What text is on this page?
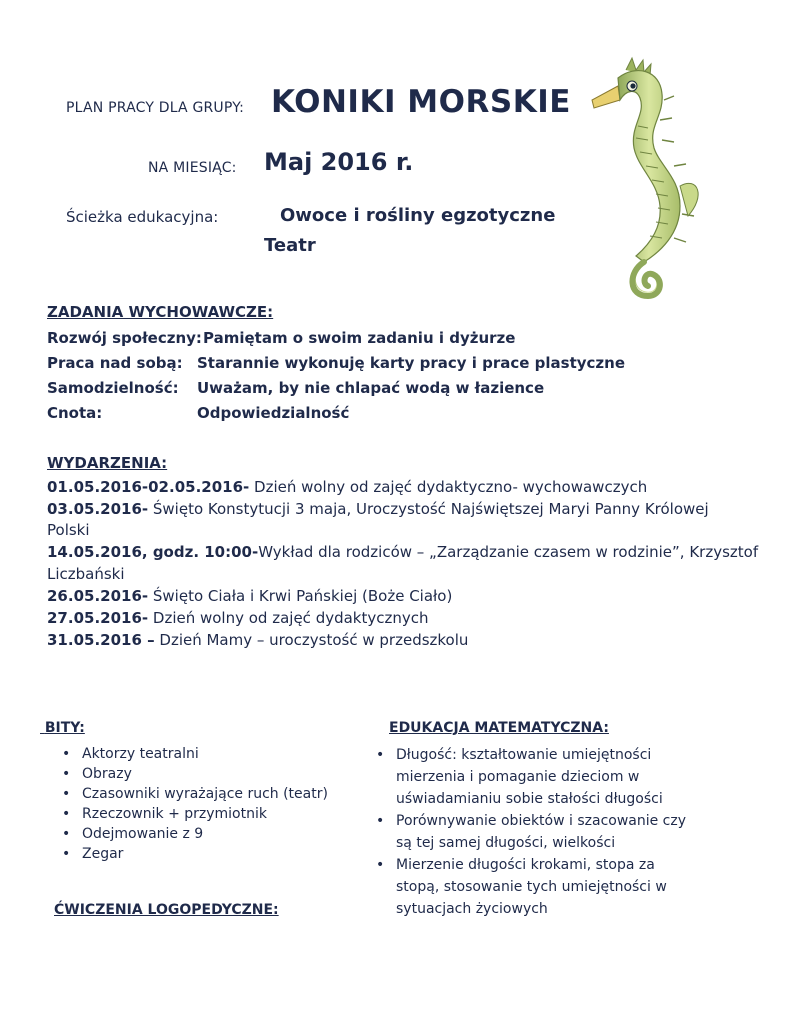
PLAN PRACY DLA GRUPY: KONIKI MORSKIE
NA MIESIĄC: Maj 2016 r.
Ścieżka edukacyjna:	Owoce i rośliny egzotyczne
Teatr
ZADANIA WYCHOWAWCZE:
Rozwój społeczny: Pamiętam o swoim zadaniu i dyżurze
Praca nad sobą: Starannie wykonuję karty pracy i prace plastyczne
Samodzielność: Uważam, by nie chlapać wodą w łazience
Cnota:	Odpowiedzialność
WYDARZENIA:
01.05.2016-02.05.2016- Dzień wolny od zajęć dydaktyczno- wychowawczych
03.05.2016- Święto Konstytucji 3 maja, Uroczystość Najświętszej Maryi Panny Królowej
Polski
14.05.2016, godz. 10:00-Wykład dla rodziców – „Zarządzanie czasem w rodzinie”, Krzysztof
Liczbański
26.05.2016- Święto Ciała i Krwi Pańskiej (Boże Ciało)
27.05.2016- Dzień wolny od zajęć dydaktycznych
31.05.2016 – Dzień Mamy – uroczystość w przedszkolu
BITY:
• Aktorzy teatralni
• Obrazy
• Czasowniki wyrażające ruch (teatr)
• Rzeczownik + przymiotnik
• Odejmowanie z 9
• Zegar
EDUKACJA MATEMATYCZNA:
• Długość: kształtowanie umiejętności
mierzenia i pomaganie dzieciom w
uświadamianiu sobie stałości długości
• Porównywanie obiektów i szacowanie czy
są tej samej długości, wielkości
• Mierzenie długości krokami, stopa za
stopą, stosowanie tych umiejętności w
sytuacjach życiowych
ĆWICZENIA LOGOPEDYCZNE:
